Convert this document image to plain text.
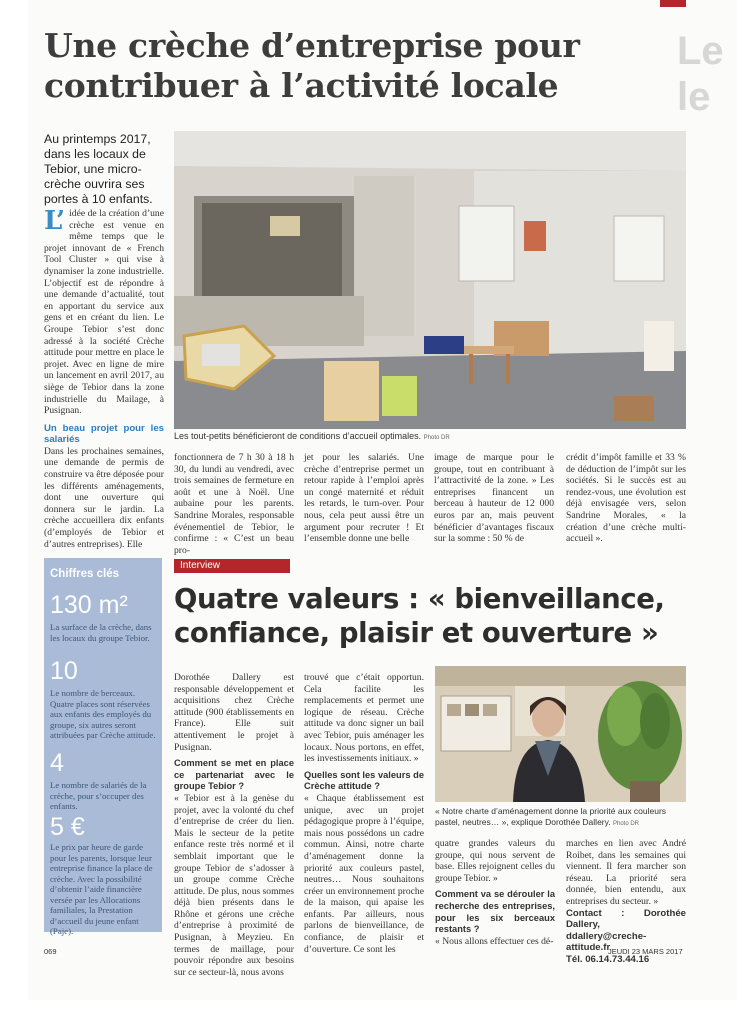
Le
le
Une crèche d’entreprise pour contribuer à l’activité locale

Au printemps 2017, dans les locaux de Tebior, une micro-crèche ouvrira ses portes à 10 enfants.

Les tout-petits bénéficieront de conditions d’accueil optimales. Photo DR

L’ idée de la création d’une crèche est venue en même temps que le projet innovant de « French Tool Cluster » qui vise à dynamiser la zone industrielle. L’objectif est de répondre à une demande d’actualité, tout en apportant du service aux gens et en créant du lien. Le Groupe Tebior s’est donc adressé à la société Crèche attitude pour mettre en place le projet. Avec en ligne de mire un lancement en avril 2017, au siège de Tebior dans la zone industrielle du Mailage, à Pusignan.

Un beau projet pour les salariés

Dans les prochaines semaines, une demande de permis de construire va être déposée pour les différents aménagements, dont une ouverture qui donnera sur le jardin. La crèche accueillera dix enfants (d’employés de Tebior et d’autres entreprises). Elle

fonctionnera de 7 h 30 à 18 h 30, du lundi au vendredi, avec trois semaines de fermeture en août et une à Noël. Une aubaine pour les parents. Sandrine Morales, responsable événementiel de Tebior, le confirme : « C’est un beau pro-

jet pour les salariés. Une crèche d’entreprise permet un retour rapide à l’emploi après un congé maternité et réduit les retards, le turn-over. Pour nous, cela peut aussi être un argument pour recruter ! Et l’ensemble donne une belle

image de marque pour le groupe, tout en contribuant à l’attractivité de la zone. » Les entreprises financent un berceau à hauteur de 12 000 euros par an, mais peuvent bénéficier d’avantages fiscaux sur la somme : 50 % de

crédit d’impôt famille et 33 % de déduction de l’impôt sur les sociétés. Si le succès est au rendez-vous, une évolution est déjà envisagée vers, selon Sandrine Morales, « la création d’une crèche multi-accueil ».

Chiffres clés
130 m²

La surface de la crèche, dans les locaux du groupe Tebior.

10

Le nombre de berceaux. Quatre places sont réservées aux enfants des employés du groupe, six autres seront attribuées par Crèche attitude.

4

Le nombre de salariés de la crèche, pour s’occuper des enfants.

5 €

Le prix par heure de garde pour les parents, lorsque leur entreprise finance la place de crèche. Avec la possibilité d’obtenir l’aide financière versée par les Allocations familiales, la Prestation d’accueil du jeune enfant (Paje).

Interview
Quatre valeurs : « bienveillance, confiance, plaisir et ouverture »

Dorothée Dallery est responsable développement et acquisitions chez Crèche attitude (900 établissements en France). Elle suit attentivement le projet à Pusignan.

Comment se met en place ce partenariat avec le groupe Tebior ?

« Tebior est à la genèse du projet, avec la volonté du chef d’entreprise de créer du lien. Mais le secteur de la petite enfance reste très normé et il semblait important que le groupe Tebior de s’adosser à un groupe comme Crèche attitude. De plus, nous sommes déjà bien présents dans le Rhône et gérons une crèche d’entreprise à proximité de Pusignan, à Meyzieu. En termes de maillage, pour pouvoir répondre aux besoins sur ce secteur-là, nous avons

trouvé que c’était opportun. Cela facilite les remplacements et permet une logique de réseau. Crèche attitude va donc signer un bail avec Tebior, puis aménager les locaux. Nous portons, en effet, les investissements initiaux. »

Quelles sont les valeurs de Crèche attitude ?

« Chaque établissement est unique, avec un projet pédagogique propre à l’équipe, mais nous possédons un cadre commun. Ainsi, notre charte d’aménagement donne la priorité aux couleurs pastel, neutres… Nous souhaitons créer un environnement proche de la maison, qui apaise les enfants. Par ailleurs, nous parlons de bienveillance, de confiance, de plaisir et d’ouverture. Ce sont les

« Notre charte d’aménagement donne la priorité aux couleurs pastel, neutres… », explique Dorothée Dallery. Photo DR

quatre grandes valeurs du groupe, qui nous servent de base. Elles rejoignent celles du groupe Tebior. »

Comment va se dérouler la recherche des entreprises, pour les six berceaux restants ?

« Nous allons effectuer ces dé-

marches en lien avec André Roibet, dans les semaines qui viennent. Il fera marcher son réseau. La priorité sera donnée, bien entendu, aux entreprises du secteur. »

Contact : Dorothée Dallery,

ddallery@creche-attitude.fr

Tél. 06.14.73.44.16

069	JEUDI 23 MARS 2017
